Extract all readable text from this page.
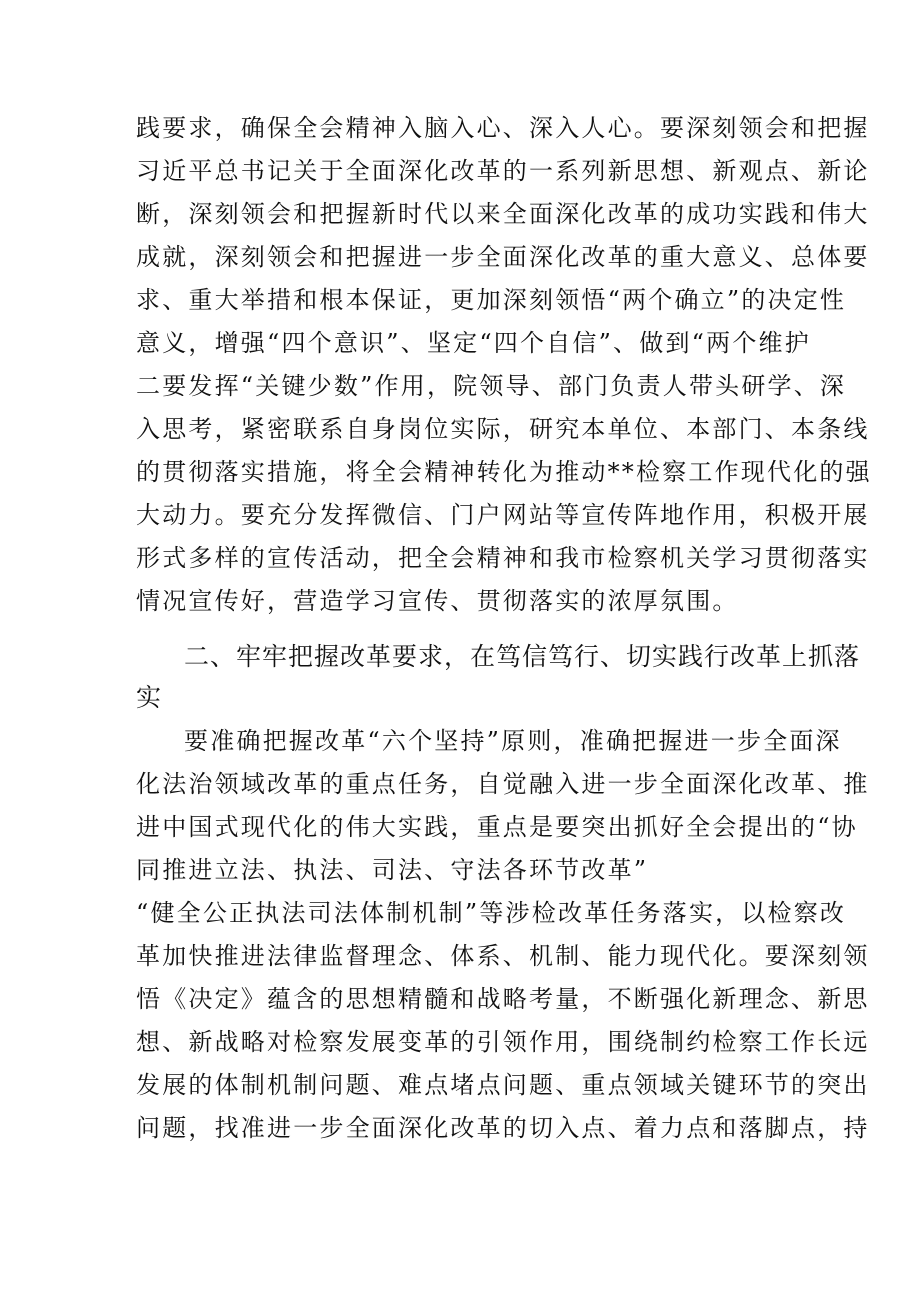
践要求，确保全会精神入脑入心、深入人心。要深刻领会和把握
习近平总书记关于全面深化改革的一系列新思想、新观点、新论
断，深刻领会和把握新时代以来全面深化改革的成功实践和伟大
成就，深刻领会和把握进一步全面深化改革的重大意义、总体要
求、重大举措和根本保证，更加深刻领悟“两个确立”的决定性
意义，增强“四个意识”、坚定“四个自信”、做到“两个维护
二要发挥“关键少数”作用，院领导、部门负责人带头研学、深
入思考，紧密联系自身岗位实际，研究本单位、本部门、本条线
的贯彻落实措施，将全会精神转化为推动**检察工作现代化的强
大动力。要充分发挥微信、门户网站等宣传阵地作用，积极开展
形式多样的宣传活动，把全会精神和我市检察机关学习贯彻落实
情况宣传好，营造学习宣传、贯彻落实的浓厚氛围。
二、牢牢把握改革要求，在笃信笃行、切实践行改革上抓落
实
要准确把握改革“六个坚持”原则，准确把握进一步全面深
化法治领域改革的重点任务，自觉融入进一步全面深化改革、推
进中国式现代化的伟大实践，重点是要突出抓好全会提出的“协
同推进立法、执法、司法、守法各环节改革”
“健全公正执法司法体制机制”等涉检改革任务落实，以检察改
革加快推进法律监督理念、体系、机制、能力现代化。要深刻领
悟《决定》蕴含的思想精髓和战略考量，不断强化新理念、新思
想、新战略对检察发展变革的引领作用，围绕制约检察工作长远
发展的体制机制问题、难点堵点问题、重点领域关键环节的突出
问题，找准进一步全面深化改革的切入点、着力点和落脚点，持
